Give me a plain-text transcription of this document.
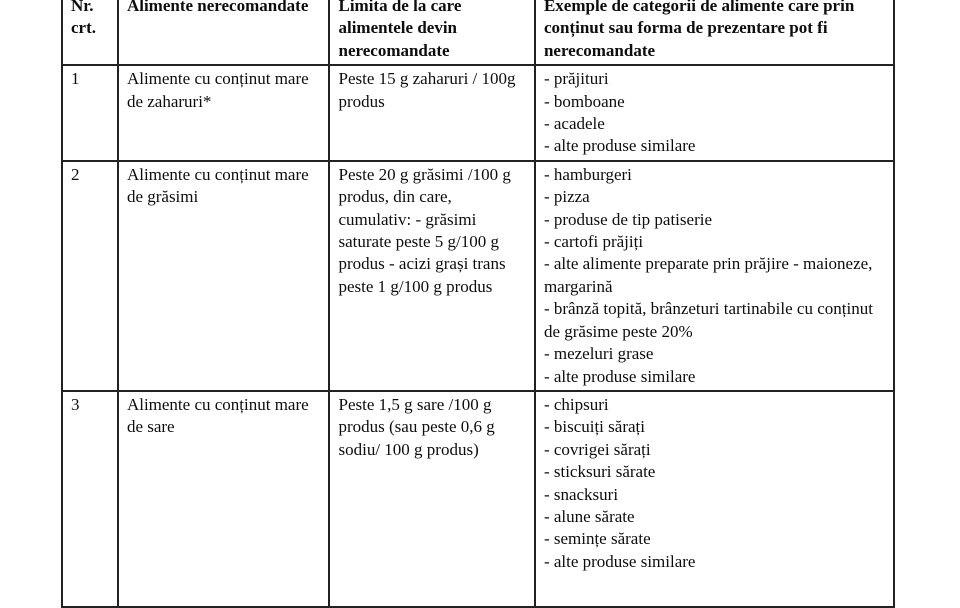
Nr. crt.	Alimente nerecomandate	Limita de la care alimentele devin nerecomandate	Exemple de categorii de alimente care prin conținut sau forma de prezentare pot fi nerecomandate
1	Alimente cu conținut mare de zaharuri*	Peste 15 g zaharuri / 100g produs	- prăjituri
- bomboane
- acadele
- alte produse similare

2	Alimente cu conținut mare de grăsimi	Peste 20 g grăsimi /100 g produs, din care, cumulativ: - grăsimi saturate peste 5 g/100 g produs - acizi grași trans peste 1 g/100 g produs	
- hamburgeri
- pizza
- produse de tip patiserie
- cartofi prăjiți
- alte alimente preparate prin prăjire - maioneze, margarină
- brânză topită, brânzeturi tartinabile cu conținut de grăsime peste 20%
- mezeluri grase
- alte produse similare

3	Alimente cu conținut mare de sare	Peste 1,5 g sare /100 g produs (sau peste 0,6 g sodiu/ 100 g produs)	
- chipsuri
- biscuiți sărați
- covrigei sărați
- sticksuri sărate
- snacksuri
- alune sărate
- semințe sărate
- alte produse similare
